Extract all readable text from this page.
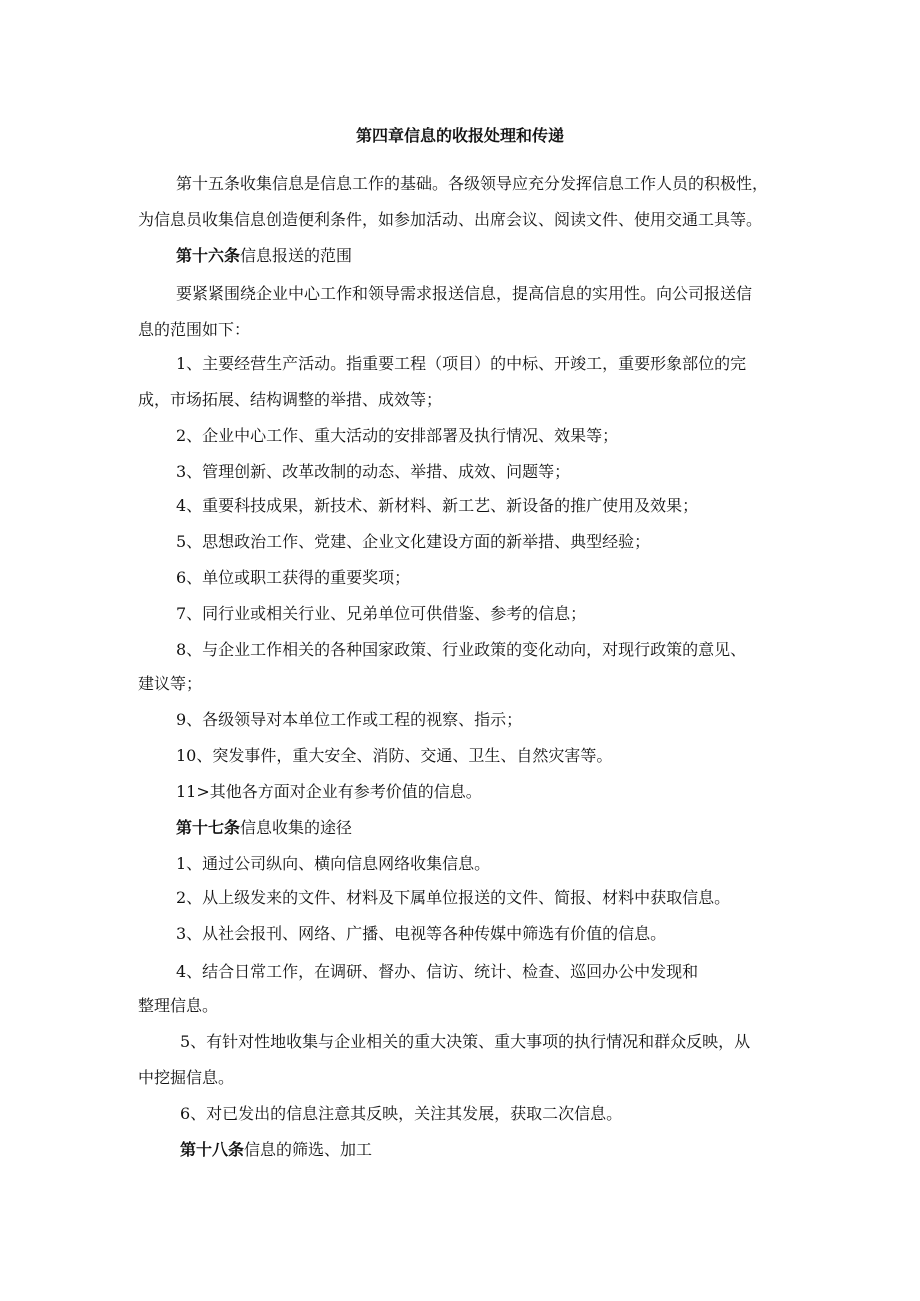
第四章信息的收报处理和传递

第十五条收集信息是信息工作的基础。各级领导应充分发挥信息工作人员的积极性，

为信息员收集信息创造便利条件，如参加活动、出席会议、阅读文件、使用交通工具等。

第十六条信息报送的范围

要紧紧围绕企业中心工作和领导需求报送信息，提高信息的实用性。向公司报送信

息的范围如下：

1、主要经营生产活动。指重要工程（项目）的中标、开竣工，重要形象部位的完

成，市场拓展、结构调整的举措、成效等；

2、企业中心工作、重大活动的安排部署及执行情况、效果等；

3、管理创新、改革改制的动态、举措、成效、问题等；

4、重要科技成果，新技术、新材料、新工艺、新设备的推广使用及效果；

5、思想政治工作、党建、企业文化建设方面的新举措、典型经验；

6、单位或职工获得的重要奖项；

7、同行业或相关行业、兄弟单位可供借鉴、参考的信息；

8、与企业工作相关的各种国家政策、行业政策的变化动向，对现行政策的意见、

建议等；

9、各级领导对本单位工作或工程的视察、指示；

10、突发事件，重大安全、消防、交通、卫生、自然灾害等。

11>其他各方面对企业有参考价值的信息。

第十七条信息收集的途径

1、通过公司纵向、横向信息网络收集信息。

2、从上级发来的文件、材料及下属单位报送的文件、简报、材料中获取信息。

3、从社会报刊、网络、广播、电视等各种传媒中筛选有价值的信息。

4、结合日常工作，在调研、督办、信访、统计、检查、巡回办公中发现和

整理信息。

5、有针对性地收集与企业相关的重大决策、重大事项的执行情况和群众反映，从

中挖掘信息。

6、对已发出的信息注意其反映，关注其发展，获取二次信息。

第十八条信息的筛选、加工
